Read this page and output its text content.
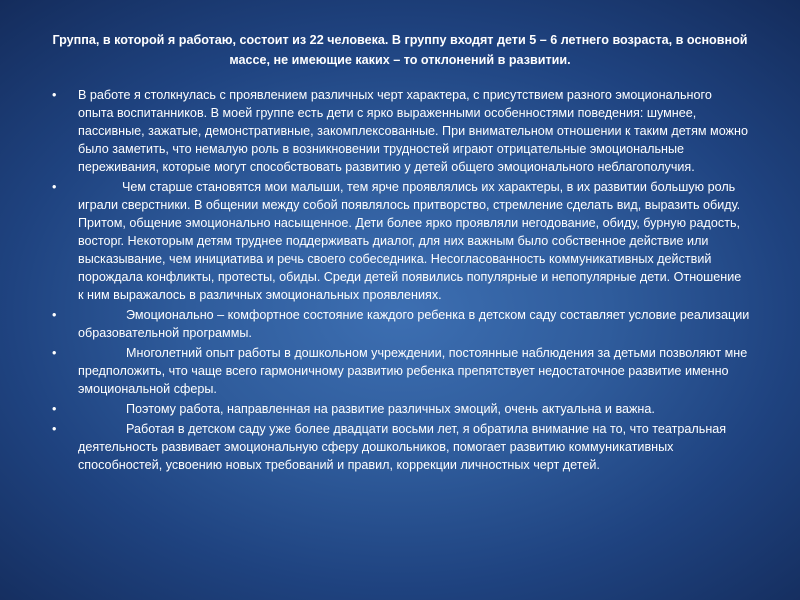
Группа, в которой я работаю, состоит из 22 человека. В группу входят дети 5 – 6 летнего возраста, в основной массе, не имеющие каких – то отклонений в развитии.

• В работе я столкнулась с проявлением различных черт характера, с присутствием разного эмоционального опыта воспитанников. В моей группе есть дети с ярко выраженными особенностями поведения: шумнее, пассивные, зажатые, демонстративные, закомплексованные. При внимательном отношении к таким детям можно было заметить, что немалую роль в возникновении трудностей играют отрицательные эмоциональные переживания, которые могут способствовать развитию у детей общего эмоционального неблагополучия.
•	Чем старше становятся мои малыши, тем ярче проявлялись их характеры, в их развитии большую роль играли сверстники. В общении между собой появлялось притворство, стремление сделать вид, выразить обиду. Притом, общение эмоционально насыщенное. Дети более ярко проявляли негодование, обиду, бурную радость, восторг. Некоторым детям труднее поддерживать диалог, для них важным было собственное действие или высказывание, чем инициатива и речь своего собеседника. Несогласованность коммуникативных действий порождала конфликты, протесты, обиды. Среди детей появились популярные и непопулярные дети. Отношение к ним выражалось в различных эмоциональных проявлениях.
•	Эмоционально – комфортное состояние каждого ребенка в детском саду составляет условие реализации образовательной программы.
•	Многолетний опыт работы в дошкольном учреждении, постоянные наблюдения за детьми позволяют мне предположить, что чаще всего гармоничному развитию ребенка препятствует недостаточное развитие именно эмоциональной сферы.
•	Поэтому работа, направленная на развитие различных эмоций, очень актуальна и важна.
•	Работая в детском саду уже более двадцати восьми лет, я обратила внимание на то, что театральная деятельность развивает эмоциональную сферу дошкольников, помогает развитию коммуникативных способностей, усвоению новых требований и правил, коррекции личностных черт детей.
